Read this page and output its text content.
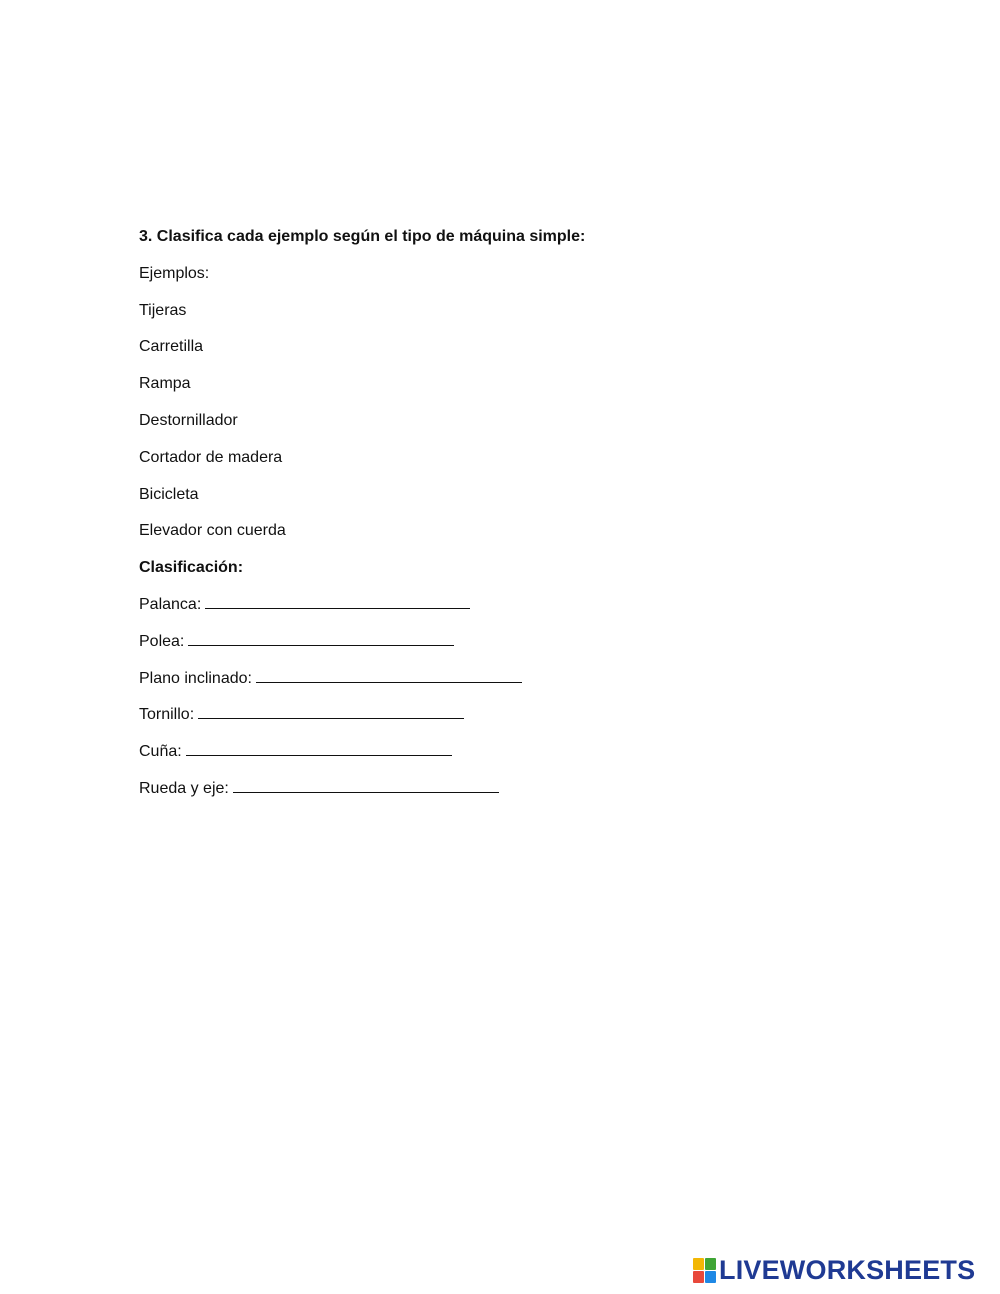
3. Clasifica cada ejemplo según el tipo de máquina simple:
Ejemplos:
Tijeras
Carretilla
Rampa
Destornillador
Cortador de madera
Bicicleta
Elevador con cuerda
Clasificación:
Palanca:
Polea:
Plano inclinado:
Tornillo:
Cuña:
Rueda y eje:
LIVEWORKSHEETS
